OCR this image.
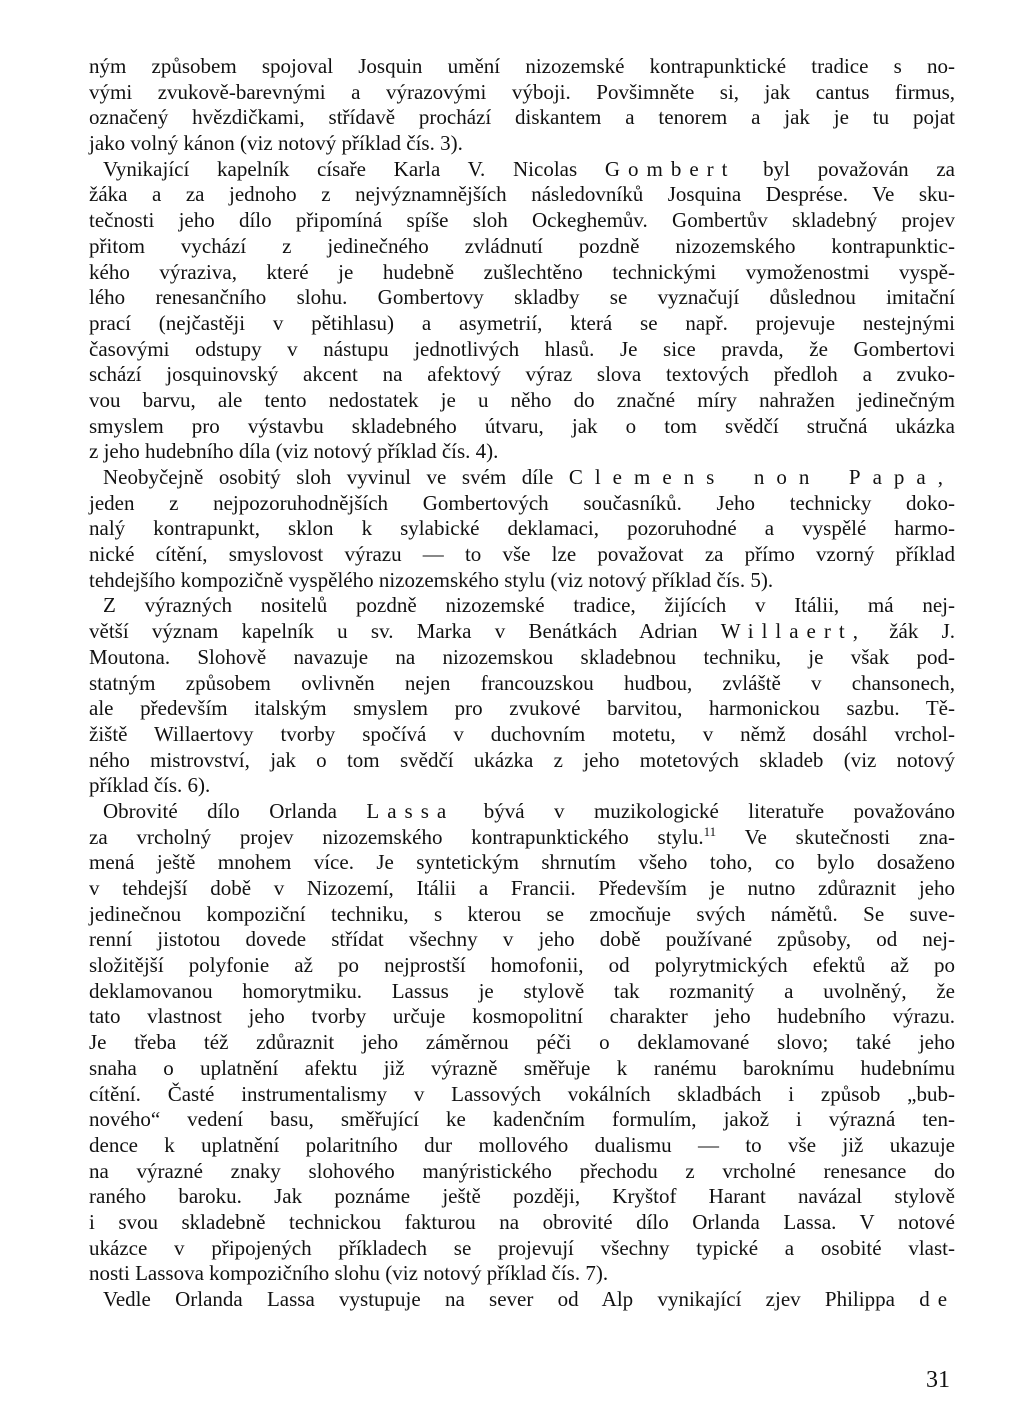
ným způsobem spojoval Josquin umění nizozemské kontrapunktické tradice s no-
vými zvukově-barevnými a výrazovými výboji. Povšimněte si, jak cantus firmus,
označený hvězdičkami, střídavě prochází diskantem a tenorem a jak je tu pojat
jako volný kánon (viz notový příklad čís. 3).
Vynikající kapelník císaře Karla V. Nicolas Gombert byl považován za
žáka a za jednoho z nejvýznamnějších následovníků Josquina Desprése. Ve sku-
tečnosti jeho dílo připomíná spíše sloh Ockeghemův. Gombertův skladebný projev
přitom vychází z jedinečného zvládnutí pozdně nizozemského kontrapunktic-
kého výraziva, které je hudebně zušlechtěno technickými vymoženostmi vyspě-
lého renesančního slohu. Gombertovy skladby se vyznačují důslednou imitační
prací (nejčastěji v pětihlasu) a asymetrií, která se např. projevuje nestejnými
časovými odstupy v nástupu jednotlivých hlasů. Je sice pravda, že Gombertovi
schází josquinovský akcent na afektový výraz slova textových předloh a zvuko-
vou barvu, ale tento nedostatek je u něho do značné míry nahražen jedinečným
smyslem pro výstavbu skladebného útvaru, jak o tom svědčí stručná ukázka
z jeho hudebního díla (viz notový příklad čís. 4).
Neobyčejně osobitý sloh vyvinul ve svém díle Clemens non Papa,
jeden z nejpozoruhodnějších Gombertových současníků. Jeho technicky doko-
nalý kontrapunkt, sklon k sylabické deklamaci, pozoruhodné a vyspělé harmo-
nické cítění, smyslovost výrazu — to vše lze považovat za přímo vzorný příklad
tehdejšího kompozičně vyspělého nizozemského stylu (viz notový příklad čís. 5).
Z výrazných nositelů pozdně nizozemské tradice, žijících v Itálii, má nej-
větší význam kapelník u sv. Marka v Benátkách Adrian Willaert, žák J.
Moutona. Slohově navazuje na nizozemskou skladebnou techniku, je však pod-
statným způsobem ovlivněn nejen francouzskou hudbou, zvláště v chansonech,
ale především italským smyslem pro zvukové barvitou, harmonickou sazbu. Tě-
žiště Willaertovy tvorby spočívá v duchovním motetu, v němž dosáhl vrchol-
ného mistrovství, jak o tom svědčí ukázka z jeho motetových skladeb (viz notový
příklad čís. 6).
Obrovité dílo Orlanda Lassa bývá v muzikologické literatuře považováno
za vrcholný projev nizozemského kontrapunktického stylu.$^{11}$ Ve skutečnosti zna-
mená ještě mnohem více. Je syntetickým shrnutím všeho toho, co bylo dosaženo
v tehdejší době v Nizozemí, Itálii a Francii. Především je nutno zdůraznit jeho
jedinečnou kompoziční techniku, s kterou se zmocňuje svých námětů. Se suve-
renní jistotou dovede střídat všechny v jeho době používané způsoby, od nej-
složitější polyfonie až po nejprostší homofonii, od polyrytmických efektů až po
deklamovanou homorytmiku. Lassus je stylově tak rozmanitý a uvolněný, že
tato vlastnost jeho tvorby určuje kosmopolitní charakter jeho hudebního výrazu.
Je třeba též zdůraznit jeho záměrnou péči o deklamované slovo; také jeho
snaha o uplatnění afektu již výrazně směřuje k ranému baroknímu hudebnímu
cítění. Časté instrumentalismy v Lassových vokálních skladbách i způsob „bub-
nového“ vedení basu, směřující ke kadenčním formulím, jakož i výrazná ten-
dence k uplatnění polaritního dur mollového dualismu — to vše již ukazuje
na výrazné znaky slohového manýristického přechodu z vrcholné renesance do
raného baroku. Jak poznáme ještě později, Kryštof Harant navázal stylově
i svou skladebně technickou fakturou na obrovité dílo Orlanda Lassa. V notové
ukázce v připojených příkladech se projevují všechny typické a osobité vlast-
nosti Lassova kompozičního slohu (viz notový příklad čís. 7).
Vedle Orlanda Lassa vystupuje na sever od Alp vynikající zjev Philippa de
31
